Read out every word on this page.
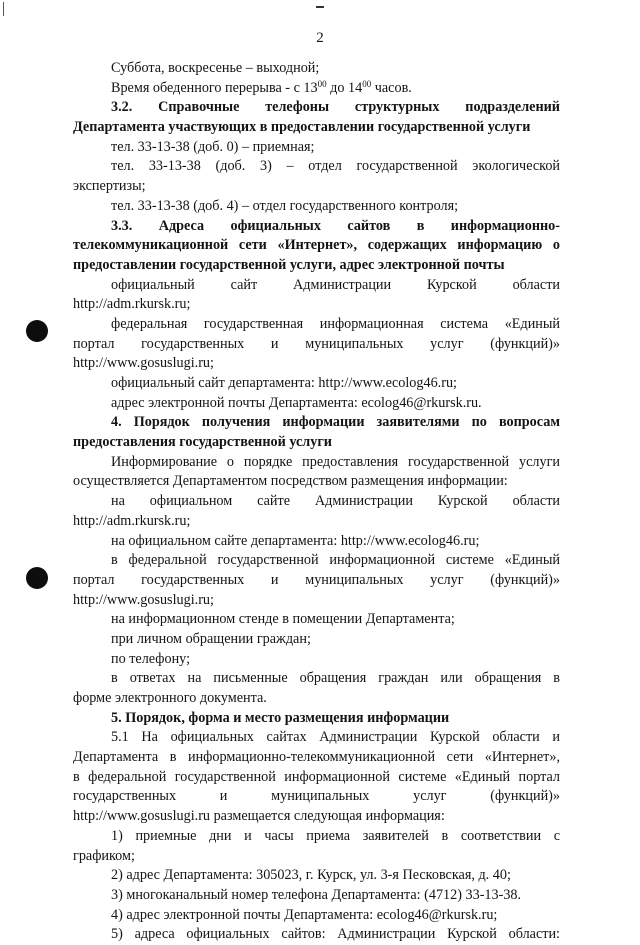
2
Суббота, воскресенье – выходной;
Время обеденного перерыва - с $13^{00}$ до $14^{00}$ часов.
3.2. Справочные телефоны структурных подразделений
Департамента участвующих в предоставлении государственной услуги
тел. 33-13-38 (доб. 0) – приемная;
тел. 33-13-38 (доб. 3) – отдел государственной экологической
экспертизы;
тел. 33-13-38 (доб. 4) – отдел государственного контроля;
3.3. Адреса официальных сайтов в информационно-
телекоммуникационной сети «Интернет», содержащих информацию о
предоставлении государственной услуги, адрес электронной почты
официальный сайт Администрации Курской области
http://adm.rkursk.ru;
федеральная государственная информационная система «Единый
портал государственных и муниципальных услуг (функций)»
http://www.gosuslugi.ru;
официальный сайт департамента: http://www.ecolog46.ru;
адрес электронной почты Департамента: ecolog46@rkursk.ru.
4. Порядок получения информации заявителями по вопросам
предоставления государственной услуги
Информирование о порядке предоставления государственной услуги
осуществляется Департаментом посредством размещения информации:
на официальном сайте Администрации Курской области
http://adm.rkursk.ru;
на официальном сайте департамента: http://www.ecolog46.ru;
в федеральной государственной информационной системе «Единый
портал государственных и муниципальных услуг (функций)»
http://www.gosuslugi.ru;
на информационном стенде в помещении Департамента;
при личном обращении граждан;
по телефону;
в ответах на письменные обращения граждан или обращения в
форме электронного документа.
5. Порядок, форма и место размещения информации
5.1 На официальных сайтах Администрации Курской области и
Департамента в информационно-телекоммуникационной сети «Интернет»,
в федеральной государственной информационной системе «Единый портал
государственных и муниципальных услуг (функций)»
http://www.gosuslugi.ru размещается следующая информация:
1) приемные дни и часы приема заявителей в соответствии с
графиком;
2) адрес Департамента: 305023, г. Курск, ул. 3-я Песковская, д. 40;
3) многоканальный номер телефона Департамента: (4712) 33-13-38.
4) адрес электронной почты Департамента: ecolog46@rkursk.ru;
5) адреса официальных сайтов: Администрации Курской области:
